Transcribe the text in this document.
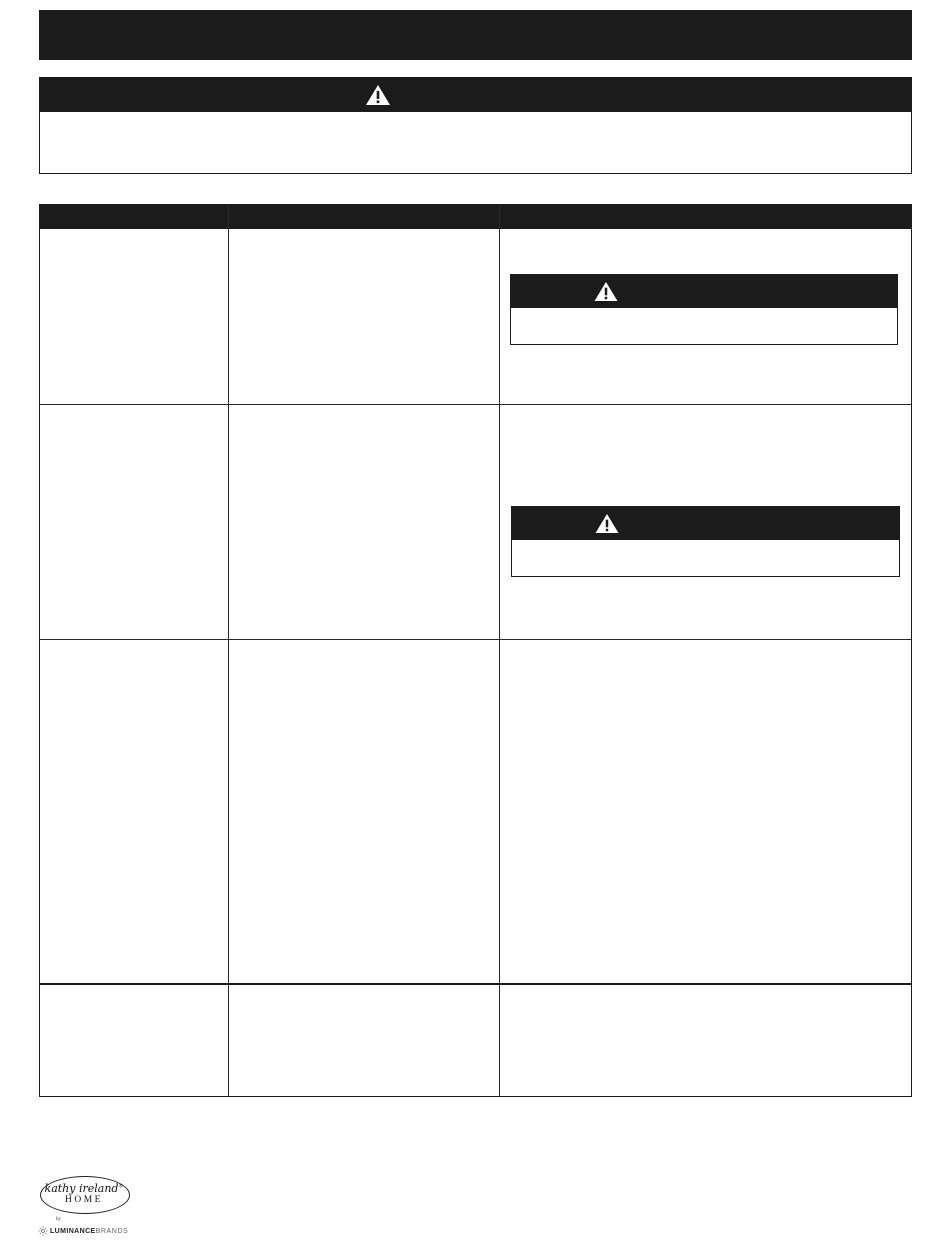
kathy ireland®
HOME
by
LUMINANCE BRANDS
